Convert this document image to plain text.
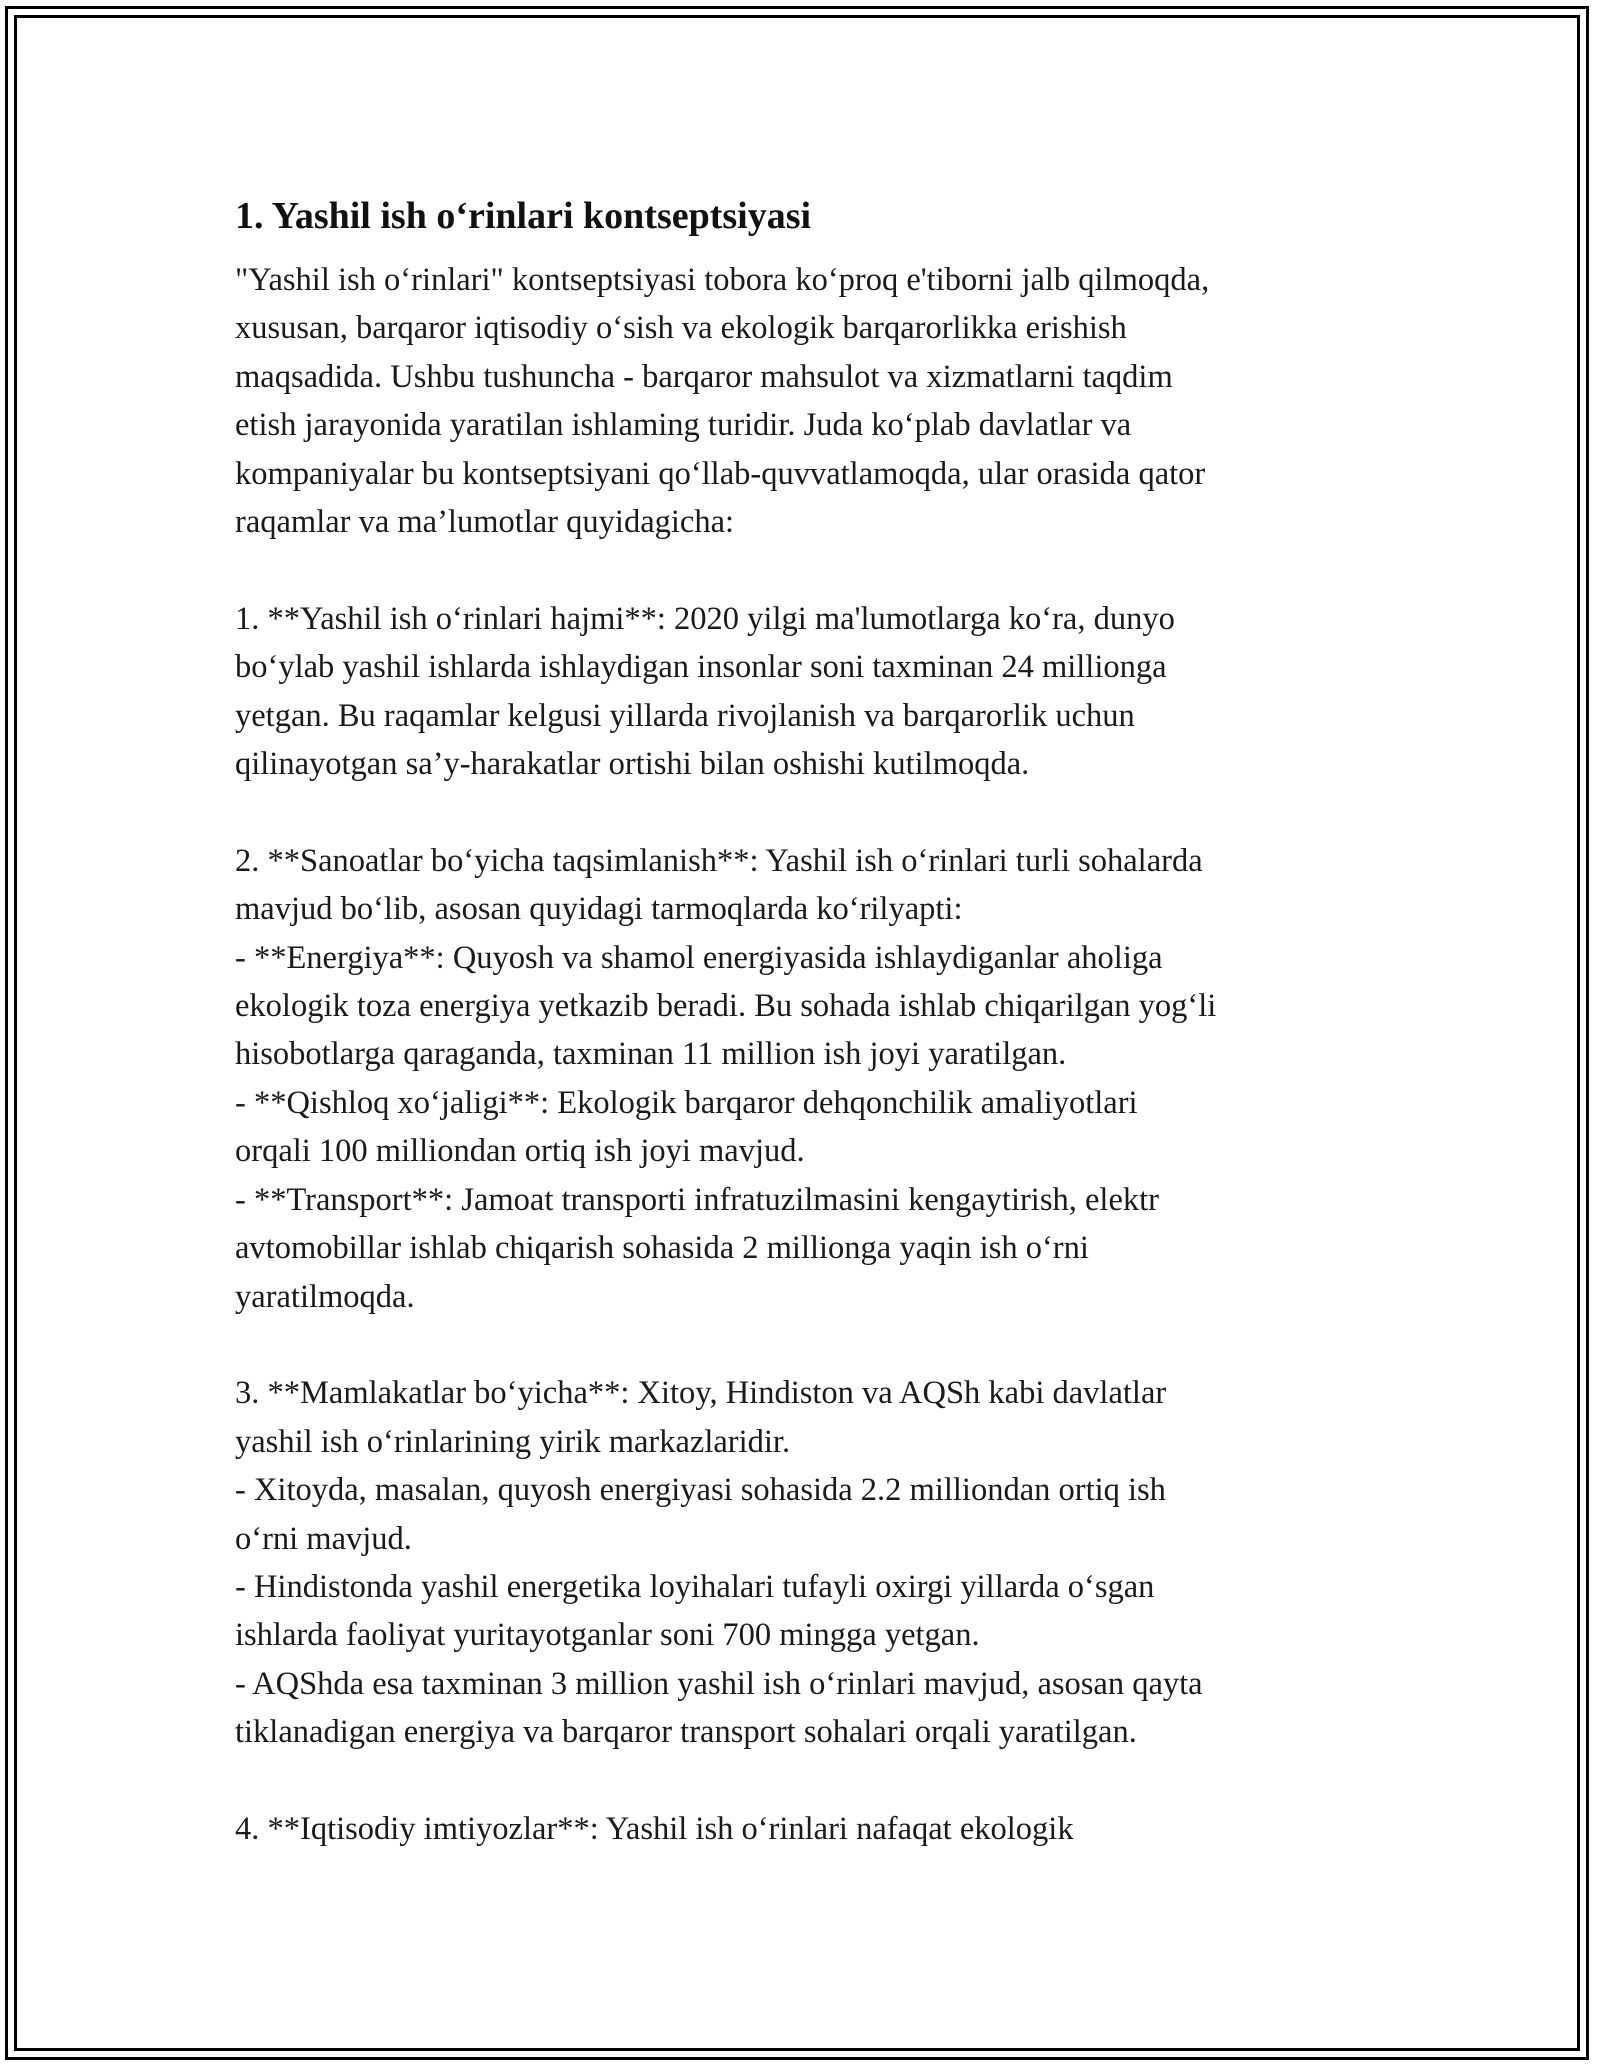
1. Yashil ish o‘rinlari kontseptsiyasi

"Yashil ish o‘rinlari" kontseptsiyasi tobora ko‘proq e'tiborni jalb qilmoqda,
xususan, barqaror iqtisodiy o‘sish va ekologik barqarorlikka erishish
maqsadida. Ushbu tushuncha - barqaror mahsulot va xizmatlarni taqdim
etish jarayonida yaratilan ishlaming turidir. Juda ko‘plab davlatlar va
kompaniyalar bu kontseptsiyani qo‘llab-quvvatlamoqda, ular orasida qator
raqamlar va ma’lumotlar quyidagicha:

1. **Yashil ish o‘rinlari hajmi**: 2020 yilgi ma'lumotlarga ko‘ra, dunyo
bo‘ylab yashil ishlarda ishlaydigan insonlar soni taxminan 24 millionga
yetgan. Bu raqamlar kelgusi yillarda rivojlanish va barqarorlik uchun
qilinayotgan sa’y-harakatlar ortishi bilan oshishi kutilmoqda.

2. **Sanoatlar bo‘yicha taqsimlanish**: Yashil ish o‘rinlari turli sohalarda
mavjud bo‘lib, asosan quyidagi tarmoqlarda ko‘rilyapti:
- **Energiya**: Quyosh va shamol energiyasida ishlaydiganlar aholiga
ekologik toza energiya yetkazib beradi. Bu sohada ishlab chiqarilgan yog‘li
hisobotlarga qaraganda, taxminan 11 million ish joyi yaratilgan.
- **Qishloq xo‘jaligi**: Ekologik barqaror dehqonchilik amaliyotlari
orqali 100 milliondan ortiq ish joyi mavjud.
- **Transport**: Jamoat transporti infratuzilmasini kengaytirish, elektr
avtomobillar ishlab chiqarish sohasida 2 millionga yaqin ish o‘rni
yaratilmoqda.

3. **Mamlakatlar bo‘yicha**: Xitoy, Hindiston va AQSh kabi davlatlar
yashil ish o‘rinlarining yirik markazlaridir.
- Xitoyda, masalan, quyosh energiyasi sohasida 2.2 milliondan ortiq ish
o‘rni mavjud.
- Hindistonda yashil energetika loyihalari tufayli oxirgi yillarda o‘sgan
ishlarda faoliyat yuritayotganlar soni 700 mingga yetgan.
- AQShda esa taxminan 3 million yashil ish o‘rinlari mavjud, asosan qayta
tiklanadigan energiya va barqaror transport sohalari orqali yaratilgan.

4. **Iqtisodiy imtiyozlar**: Yashil ish o‘rinlari nafaqat ekologik
